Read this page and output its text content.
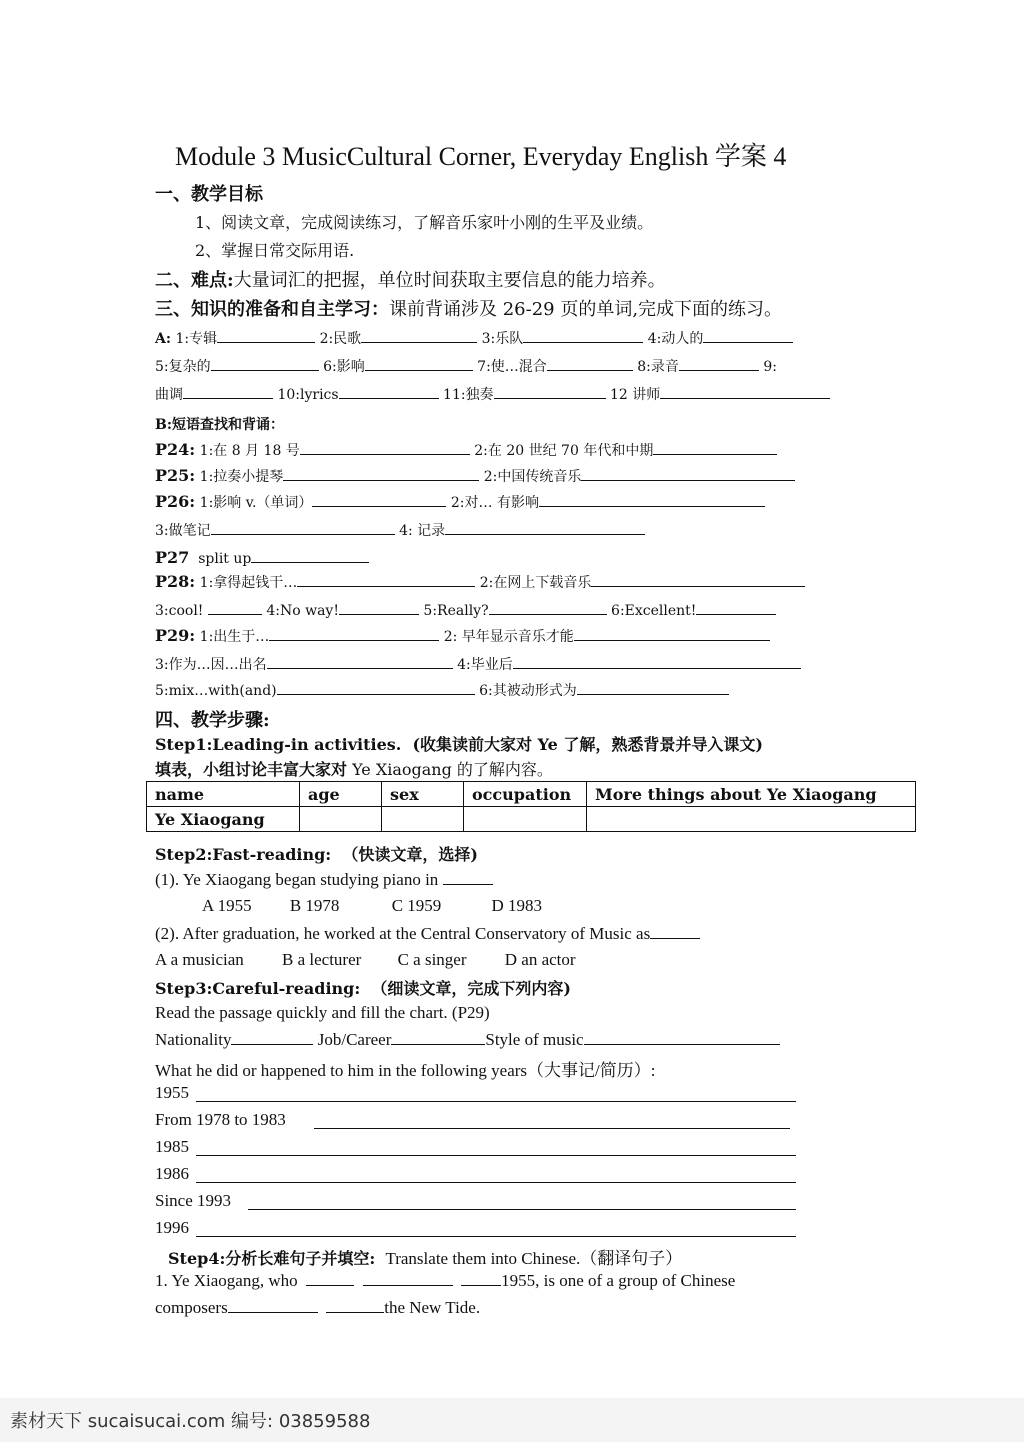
Module 3 MusicCultural Corner, Everyday English 学案 4
一、教学目标
1、阅读文章，完成阅读练习，了解音乐家叶小刚的生平及业绩。
2、掌握日常交际用语.
二、难点:大量词汇的把握，单位时间获取主要信息的能力培养。
三、知识的准备和自主学习：课前背诵涉及 26-29 页的单词,完成下面的练习。
A: 1:专辑	2:民歌	3:乐队	4:动人的
5:复杂的	6:影响	7:使…混合	8:录音	9:
曲调	10:lyrics	11:独奏	12 讲师
B:短语查找和背诵：
P24: 1:在 8 月 18 号	2:在 20 世纪 70 年代和中期
P25: 1:拉奏小提琴	2:中国传统音乐
P26: 1:影响 v.（单词）	2:对… 有影响
3:做笔记	4: 记录
P27 split up
P28: 1:拿得起钱干…	2:在网上下载音乐
3:cool!	4:No way!	5:Really?	6:Excellent!
P29: 1:出生于…	2: 早年显示音乐才能
3:作为…因…出名	4:毕业后
5:mix…with(and)	6:其被动形式为
四、教学步骤:
Step1:Leading-in activities. (收集读前大家对 Ye 了解，熟悉背景并导入课文)
填表，小组讨论丰富大家对 Ye Xiaogang 的了解内容。
name	age	sex	occupation	More things about Ye Xiaogang
Ye Xiaogang				
Step2:Fast-reading: （快读文章，选择)
(1). Ye Xiaogang began studying piano in
A 1955 B 1978	C 1959	D 1983
(2). After graduation, he worked at the Central Conservatory of Music as
A a musician B a lecturer C a singer D an actor
Step3:Careful-reading: （细读文章，完成下列内容)
Read the passage quickly and fill the chart. (P29)
Nationality	Job/Career	Style of music
What he did or happened to him in the following years（大事记/简历）:
1955
From 1978 to 1983
1985
1986
Since 1993
1996
Step4:分析长难句子并填空: Translate them into Chinese.（翻译句子）
1. Ye Xiaogang, who	1955, is one of a group of Chinese
composers	the New Tide.
素材天下 sucaisucai.com 编号: 03859588
